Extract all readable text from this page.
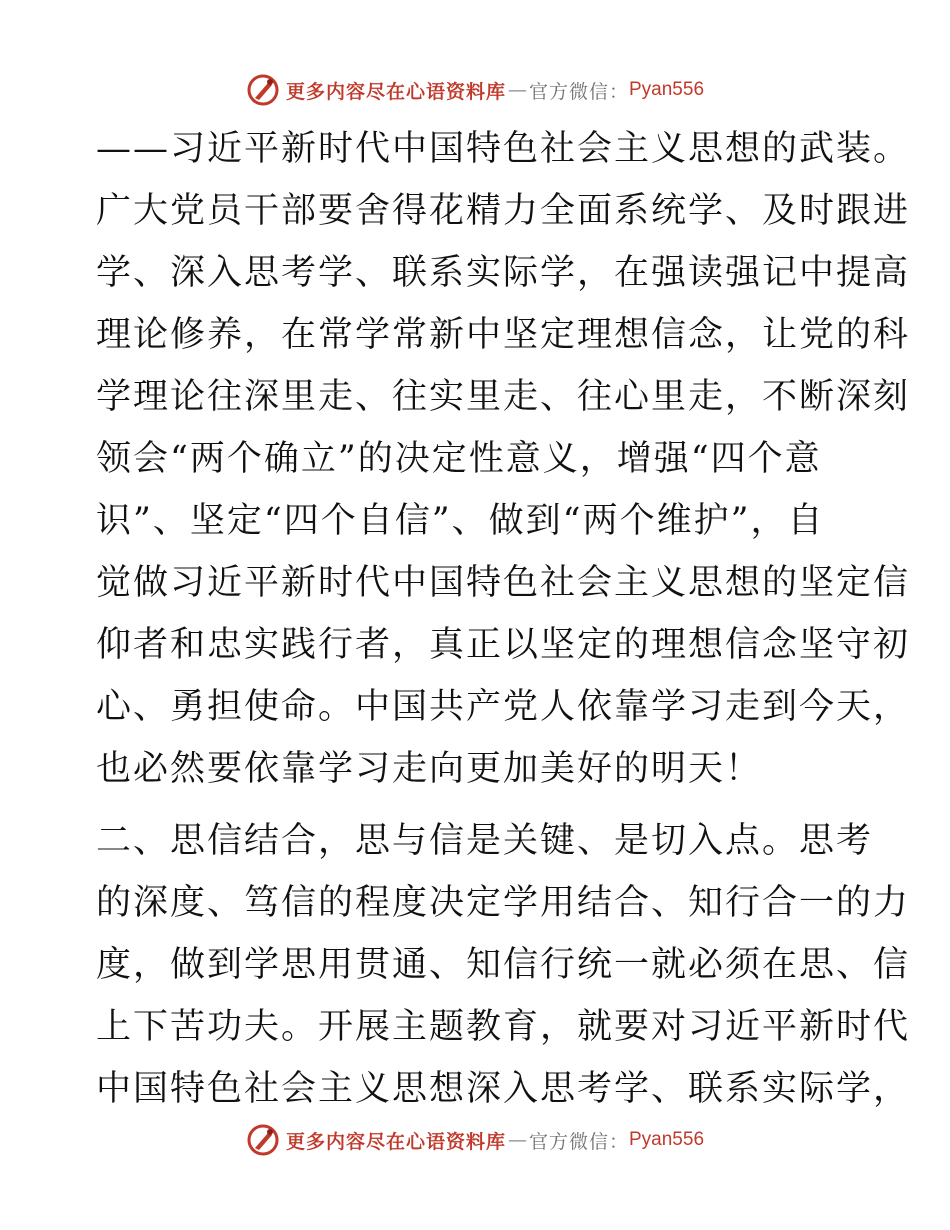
更多内容尽在心语资料库 — 官方微信： Pyan556
——习近平新时代中国特色社会主义思想的武装。
广大党员干部要舍得花精力全面系统学、及时跟进
学、深入思考学、联系实际学，在强读强记中提高
理论修养，在常学常新中坚定理想信念，让党的科
学理论往深里走、往实里走、往心里走，不断深刻
领会“两个确立”的决定性意义，增强“四个意
识”、坚定“四个自信”、做到“两个维护”，自
觉做习近平新时代中国特色社会主义思想的坚定信
仰者和忠实践行者，真正以坚定的理想信念坚守初
心、勇担使命。中国共产党人依靠学习走到今天，
也必然要依靠学习走向更加美好的明天！
二、思信结合，思与信是关键、是切入点。思考
的深度、笃信的程度决定学用结合、知行合一的力
度，做到学思用贯通、知信行统一就必须在思、信
上下苦功夫。开展主题教育，就要对习近平新时代
中国特色社会主义思想深入思考学、联系实际学，
更多内容尽在心语资料库 — 官方微信： Pyan556
